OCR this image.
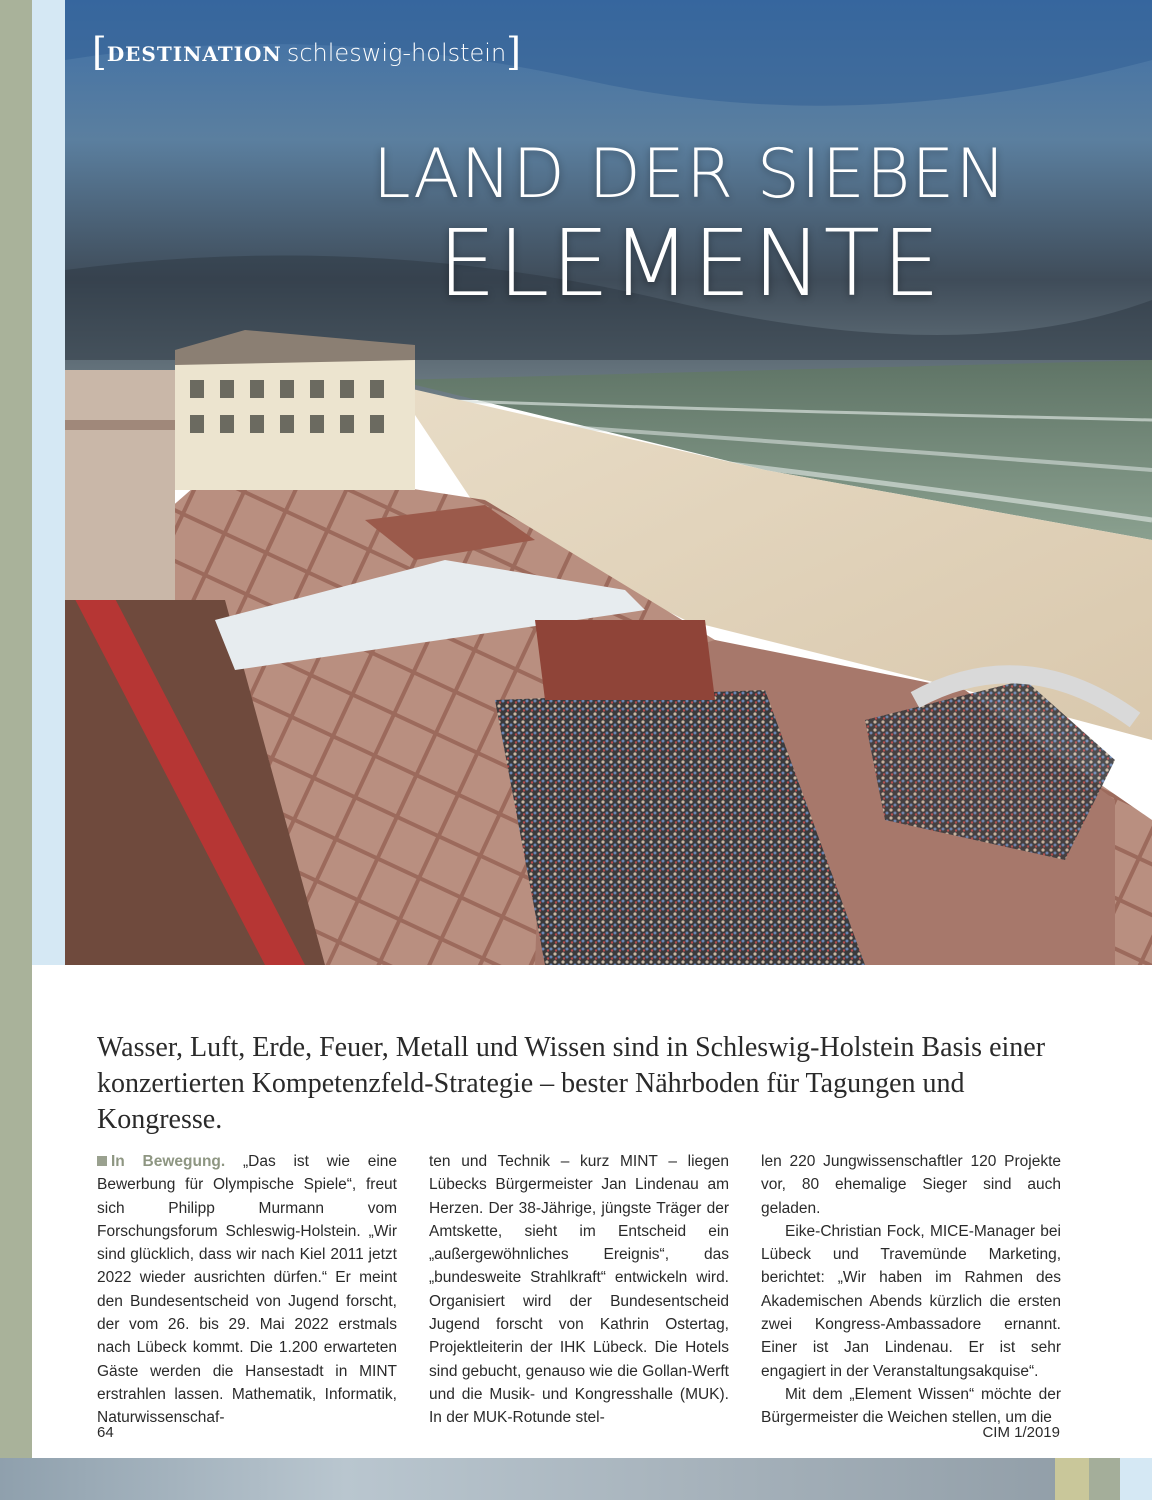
[DESTINATION schleswig-holstein]
LAND DER SIEBEN
ELEMENTE
Wasser, Luft, Erde, Feuer, Metall und Wissen sind in Schleswig-Holstein Basis einer konzertierten Kompetenzfeld-Strategie – bester Nährboden für Tagungen und Kongresse.

In Bewegung. „Das ist wie eine Bewerbung für Olympische Spiele“, freut sich Philipp Murmann vom Forschungsforum Schleswig-Holstein. „Wir sind glücklich, dass wir nach Kiel 2011 jetzt 2022 wieder ausrichten dürfen.“ Er meint den Bundesentscheid von Jugend forscht, der vom 26. bis 29. Mai 2022 erstmals nach Lübeck kommt. Die 1.200 erwarteten Gäste werden die Hansestadt in MINT erstrahlen lassen. Mathematik, Informatik, Naturwissenschaf-

ten und Technik – kurz MINT – liegen Lübecks Bürgermeister Jan Lindenau am Herzen. Der 38-Jährige, jüngste Träger der Amtskette, sieht im Entscheid ein „außergewöhnliches Ereignis“, das „bundesweite Strahlkraft“ entwickeln wird. Organisiert wird der Bundesentscheid Jugend forscht von Kathrin Ostertag, Projektleiterin der IHK Lübeck. Die Hotels sind gebucht, genauso wie die Gollan-Werft und die Musik- und Kongresshalle (MUK). In der MUK-Rotunde stel-

len 220 Jungwissenschaftler 120 Projekte vor, 80 ehemalige Sieger sind auch geladen.

Eike-Christian Fock, MICE-Manager bei Lübeck und Travemünde Marketing, berichtet: „Wir haben im Rahmen des Akademischen Abends kürzlich die ersten zwei Kongress-Ambassadore ernannt. Einer ist Jan Lindenau. Er ist sehr engagiert in der Veranstaltungsakquise“.

Mit dem „Element Wissen“ möchte der Bürgermeister die Weichen stellen, um die

64	CIM 1/2019
